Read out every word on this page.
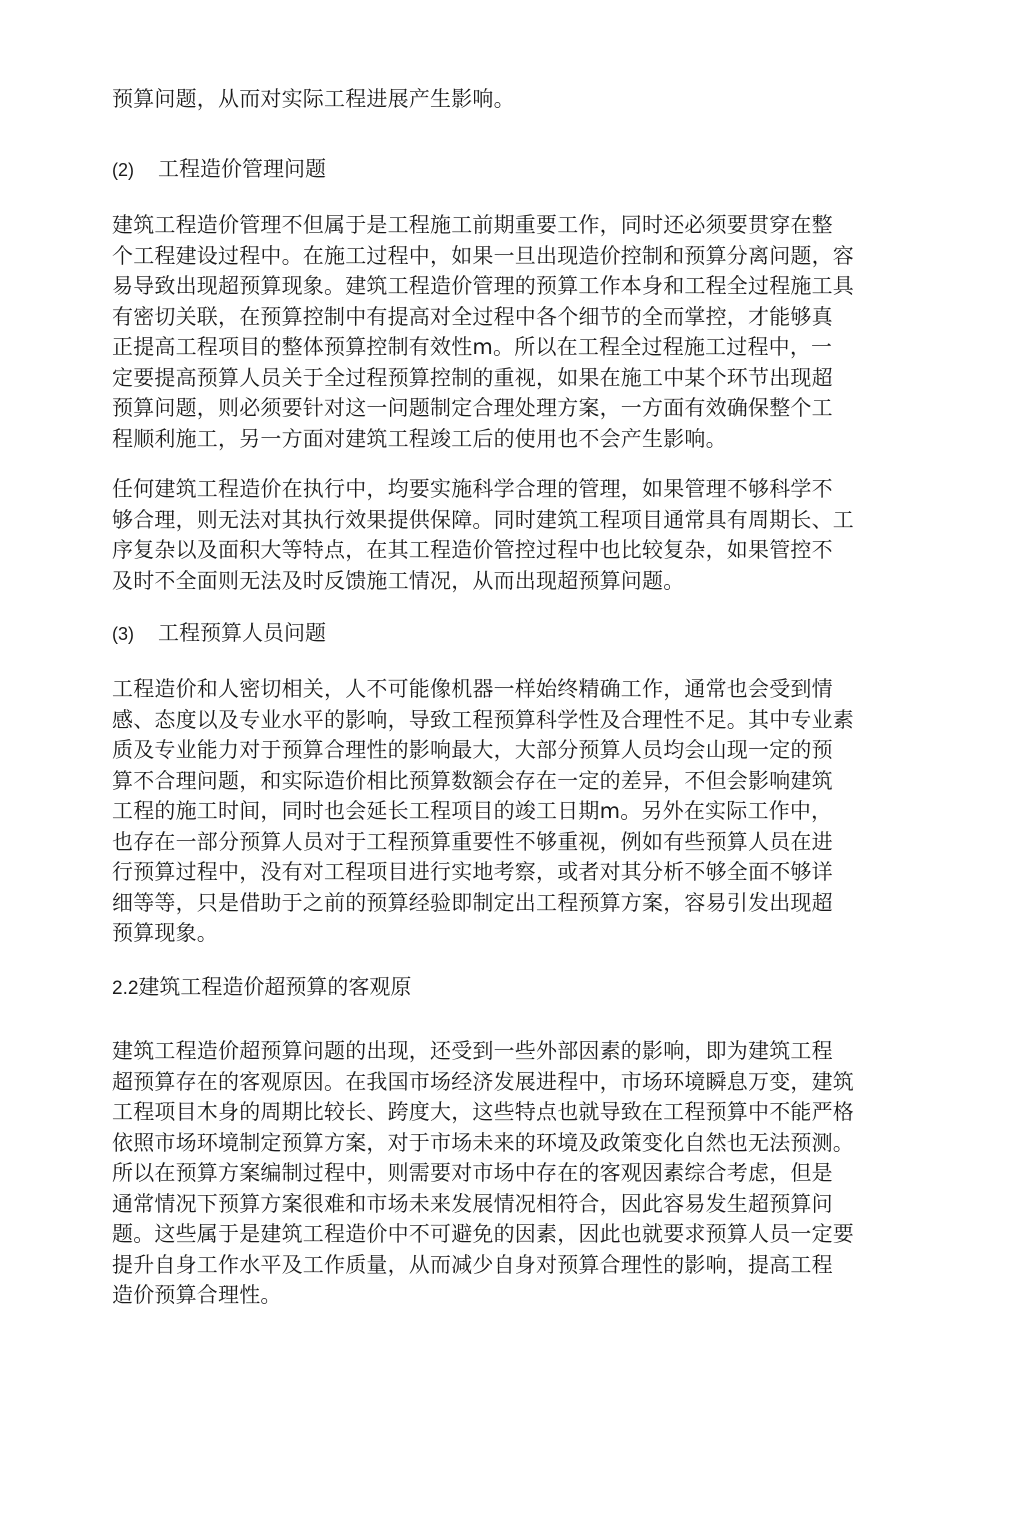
预算问题，从而对实际工程进展产生影响。
(2) 工程造价管理问题
建筑工程造价管理不但属于是工程施工前期重要工作，同时还必须要贯穿在整
个工程建设过程中。在施工过程中，如果一旦出现造价控制和预算分离问题，容
易导致出现超预算现象。建筑工程造价管理的预算工作本身和工程全过程施工具
有密切关联，在预算控制中有提高对全过程中各个细节的全而掌控，才能够真
正提高工程项目的整体预算控制有效性m。所以在工程全过程施工过程中，一
定要提高预算人员关于全过程预算控制的重视，如果在施工中某个环节出现超
预算问题，则必须要针对这一问题制定合理处理方案，一方面有效确保整个工
程顺利施工，另一方面对建筑工程竣工后的使用也不会产生影响。
任何建筑工程造价在执行中，均要实施科学合理的管理，如果管理不够科学不
够合理，则无法对其执行效果提供保障。同时建筑工程项目通常具有周期长、工
序复杂以及面积大等特点，在其工程造价管控过程中也比较复杂，如果管控不
及时不全面则无法及时反馈施工情况，从而出现超预算问题。
(3) 工程预算人员问题
工程造价和人密切相关，人不可能像机器一样始终精确工作，通常也会受到情
感、态度以及专业水平的影响，导致工程预算科学性及合理性不足。其中专业素
质及专业能力对于预算合理性的影响最大，大部分预算人员均会山现一定的预
算不合理问题，和实际造价相比预算数额会存在一定的差异，不但会影响建筑
工程的施工时间，同时也会延长工程项目的竣工日期m。另外在实际工作中，
也存在一部分预算人员对于工程预算重要性不够重视，例如有些预算人员在进
行预算过程中，没有对工程项目进行实地考察，或者对其分析不够全面不够详
细等等，只是借助于之前的预算经验即制定出工程预算方案，容易引发出现超
预算现象。
2.2建筑工程造价超预算的客观原
建筑工程造价超预算问题的出现，还受到一些外部因素的影响，即为建筑工程
超预算存在的客观原因。在我国市场经济发展进程中，市场环境瞬息万变，建筑
工程项目木身的周期比较长、跨度大，这些特点也就导致在工程预算中不能严格
依照市场环境制定预算方案，对于市场未来的环境及政策变化自然也无法预测。
所以在预算方案编制过程中，则需要对市场中存在的客观因素综合考虑，但是
通常情况下预算方案很难和市场未来发展情况相符合，因此容易发生超预算问
题。这些属于是建筑工程造价中不可避免的因素，因此也就要求预算人员一定要
提升自身工作水平及工作质量，从而减少自身对预算合理性的影响，提高工程
造价预算合理性。
